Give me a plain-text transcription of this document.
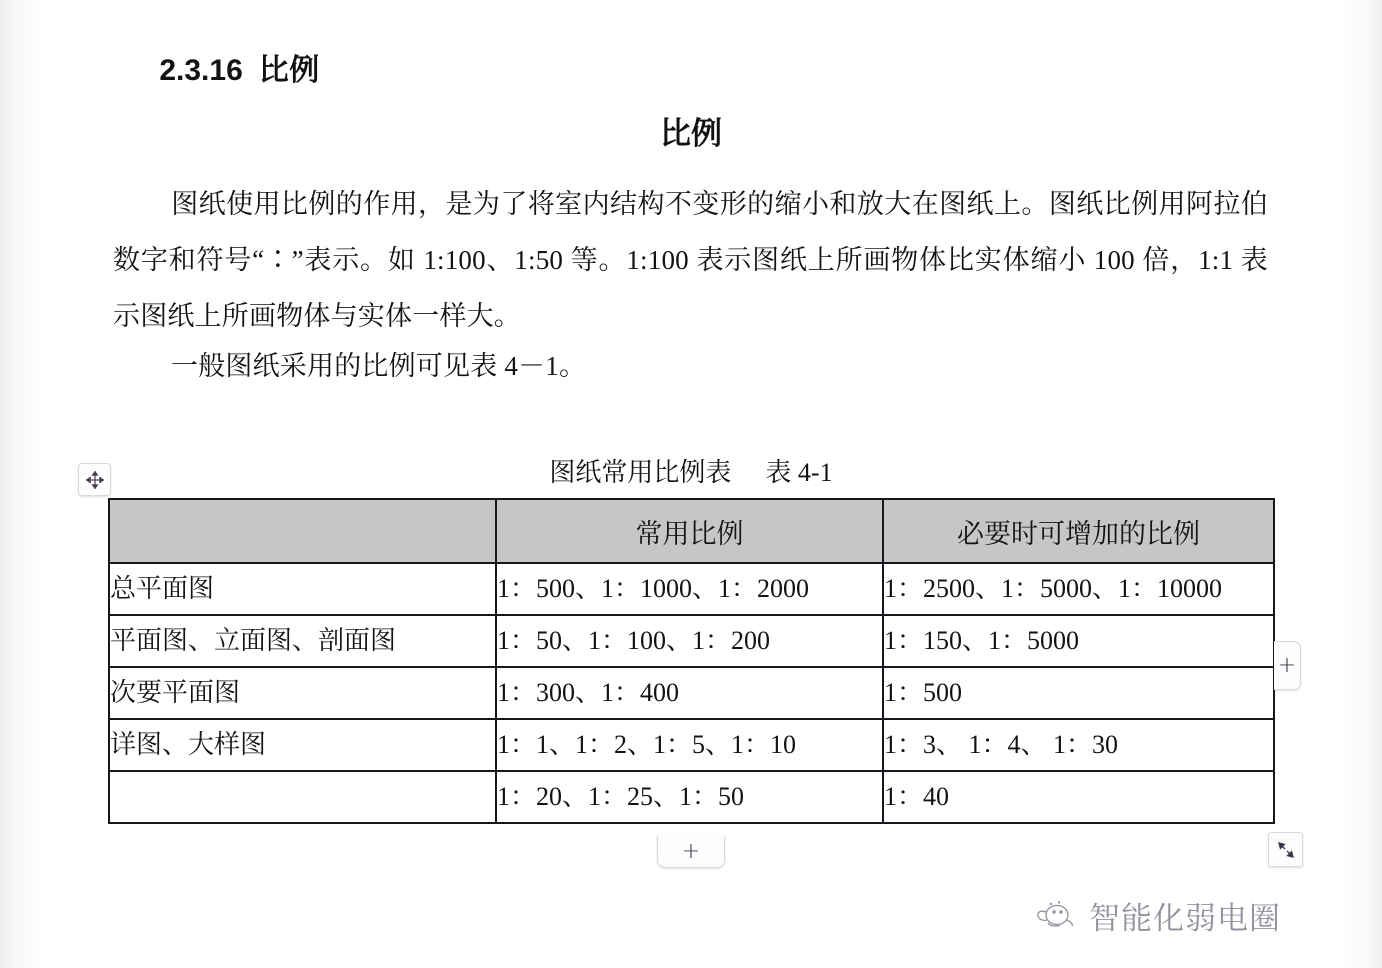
2.3.16 比例

比例
图纸使用比例的作用，是为了将室内结构不变形的缩小和放大在图纸上。图纸比例用阿拉伯数字和符号“∶”表示。如 1:100、1:50 等。1:100 表示图纸上所画物体比实体缩小 100 倍，1:1 表示图纸上所画物体与实体一样大。
一般图纸采用的比例可见表 4－1。
图纸常用比例表 表 4-1
	常用比例	必要时可增加的比例
总平面图	1：500、1：1000、1：2000	1：2500、1：5000、1：10000
平面图、立面图、剖面图	1：50、1：100、1：200	1：150、1：5000
次要平面图	1：300、1：400	1：500
详图、大样图	1：1、1：2、1：5、1：10	1：3、 1：4、 1：30
	1：20、1：25、1：50	1：40
+
+
智能化弱电圈
